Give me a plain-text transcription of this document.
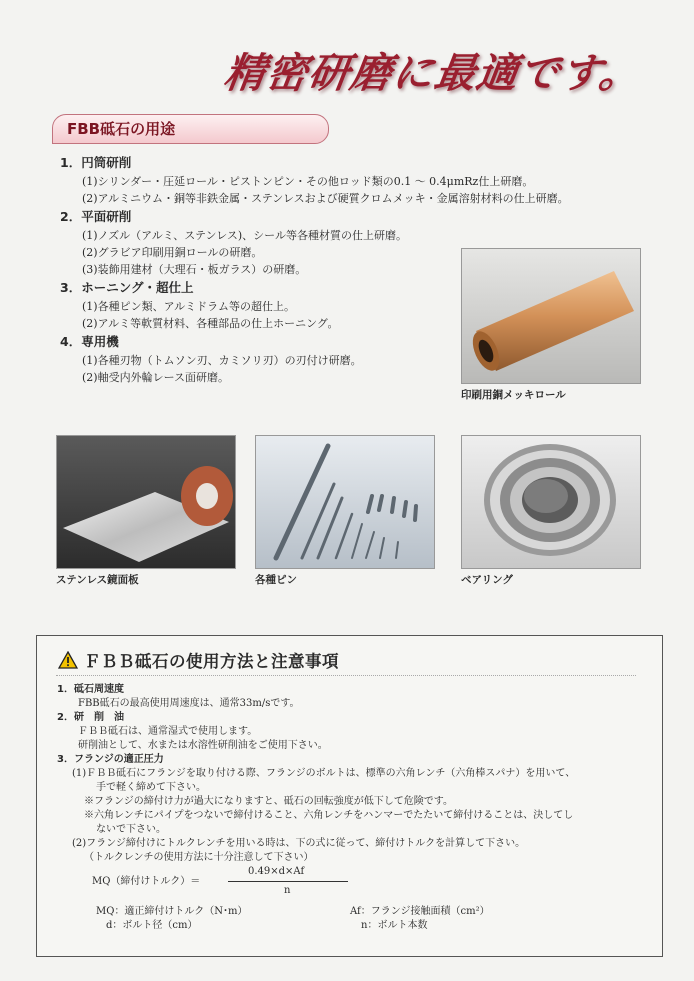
精密研磨に最適です。
FBB砥石の用途
1．円筒研削
(1)シリンダー・圧延ロール・ピストンピン・その他ロッド類の0.1 ～ 0.4μmRz仕上研磨。
(2)アルミニウム・銅等非鉄金属・ステンレスおよび硬質クロムメッキ・金属溶射材料の仕上研磨。
2．平面研削
(1)ノズル（アルミ、ステンレス)、シール等各種材質の仕上研磨。
(2)グラビア印刷用銅ロールの研磨。
(3)装飾用建材（大理石・板ガラス）の研磨。
3．ホーニング・超仕上
(1)各種ピン類、アルミドラム等の超仕上。
(2)アルミ等軟質材料、各種部品の仕上ホーニング。
4．専用機
(1)各種刃物（トムソン刃、カミソリ刃）の刃付け研磨。
(2)軸受内外輪レース面研磨。
印刷用銅メッキロール
ステンレス鏡面板	各種ピン	ベアリング
ＦＢＢ砥石の使用方法と注意事項
1．砥石周速度
FBB砥石の最高使用周速度は、通常33m/sです。
2．研　削　油
ＦＢＢ砥石は、通常湿式で使用します。
研削油として、水または水溶性研削油をご使用下さい。
3．フランジの適正圧力
(1)ＦＢＢ砥石にフランジを取り付ける際、フランジのボルトは、標準の六角レンチ（六角棒スパナ）を用いて、
手で軽く締めて下さい。
※フランジの締付け力が過大になりますと、砥石の回転強度が低下して危険です。
※六角レンチにパイプをつないで締付けること、六角レンチをハンマーでたたいて締付けることは、決してし
ないで下さい。
(2)フランジ締付けにトルクレンチを用いる時は、下の式に従って、締付けトルクを計算して下さい。
（トルクレンチの使用方法に十分注意して下さい）
MQ（締付けトルク）＝
0.49×d×Af
n
MQ：適正締付けトルク（N･m）	Af：フランジ接触面積（cm²）
d：ボルト径（cm）	n：ボルト本数
